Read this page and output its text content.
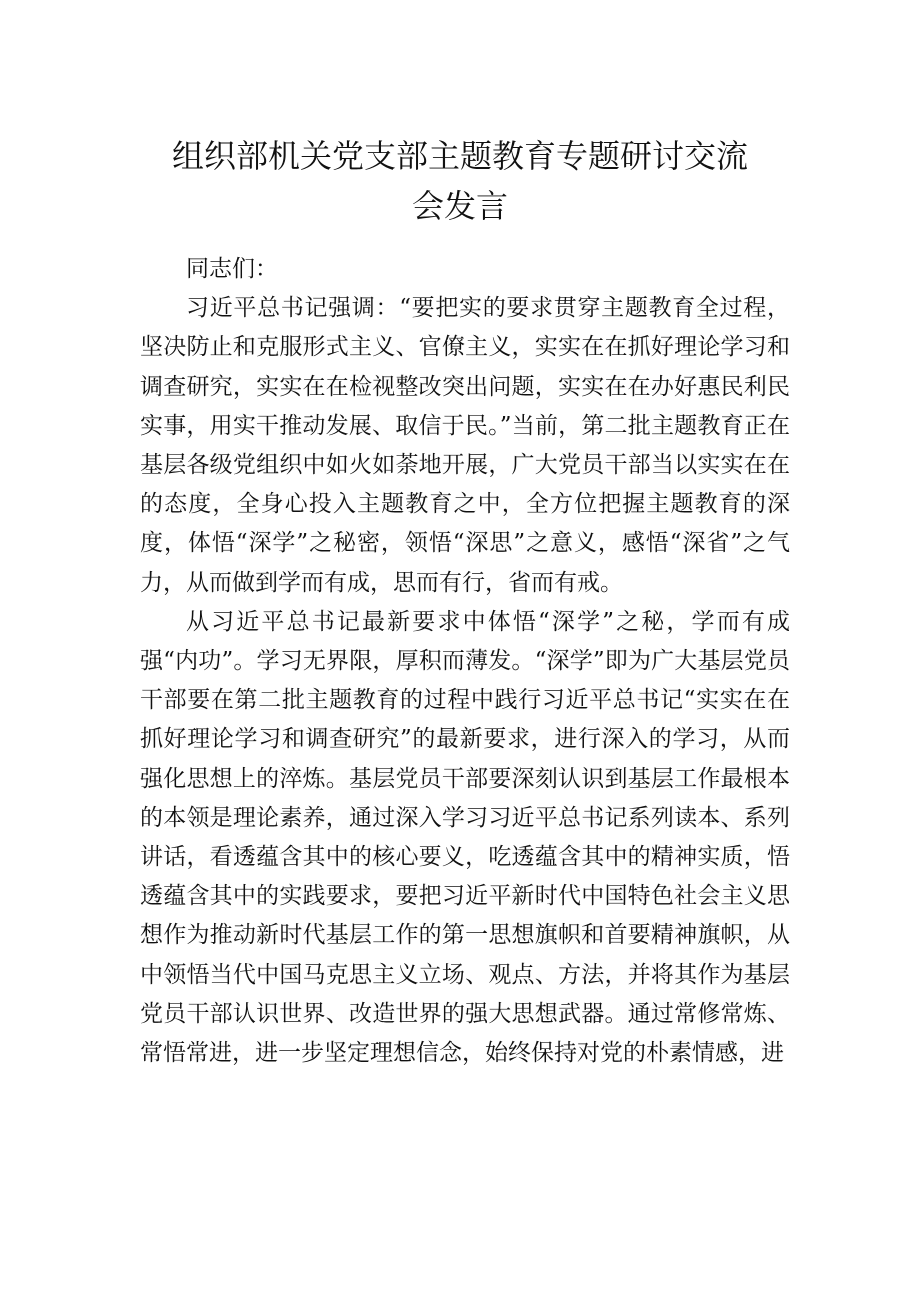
组织部机关党支部主题教育专题研讨交流
会发言

同志们：

习近平总书记强调：“要把实的要求贯穿主题教育全过程，坚决防止和克服形式主义、官僚主义，实实在在抓好理论学习和调查研究，实实在在检视整改突出问题，实实在在办好惠民利民实事，用实干推动发展、取信于民。”当前，第二批主题教育正在基层各级党组织中如火如荼地开展，广大党员干部当以实实在在的态度，全身心投入主题教育之中，全方位把握主题教育的深度，体悟“深学”之秘密，领悟“深思”之意义，感悟“深省”之气力，从而做到学而有成，思而有行，省而有戒。

从习近平总书记最新要求中体悟“深学”之秘，学而有成强“内功”。学习无界限，厚积而薄发。“深学”即为广大基层党员干部要在第二批主题教育的过程中践行习近平总书记“实实在在抓好理论学习和调查研究”的最新要求，进行深入的学习，从而强化思想上的淬炼。基层党员干部要深刻认识到基层工作最根本的本领是理论素养，通过深入学习习近平总书记系列读本、系列讲话，看透蕴含其中的核心要义，吃透蕴含其中的精神实质，悟透蕴含其中的实践要求，要把习近平新时代中国特色社会主义思想作为推动新时代基层工作的第一思想旗帜和首要精神旗帜，从中领悟当代中国马克思主义立场、观点、方法，并将其作为基层党员干部认识世界、改造世界的强大思想武器。通过常修常炼、常悟常进，进一步坚定理想信念，始终保持对党的朴素情感，进
